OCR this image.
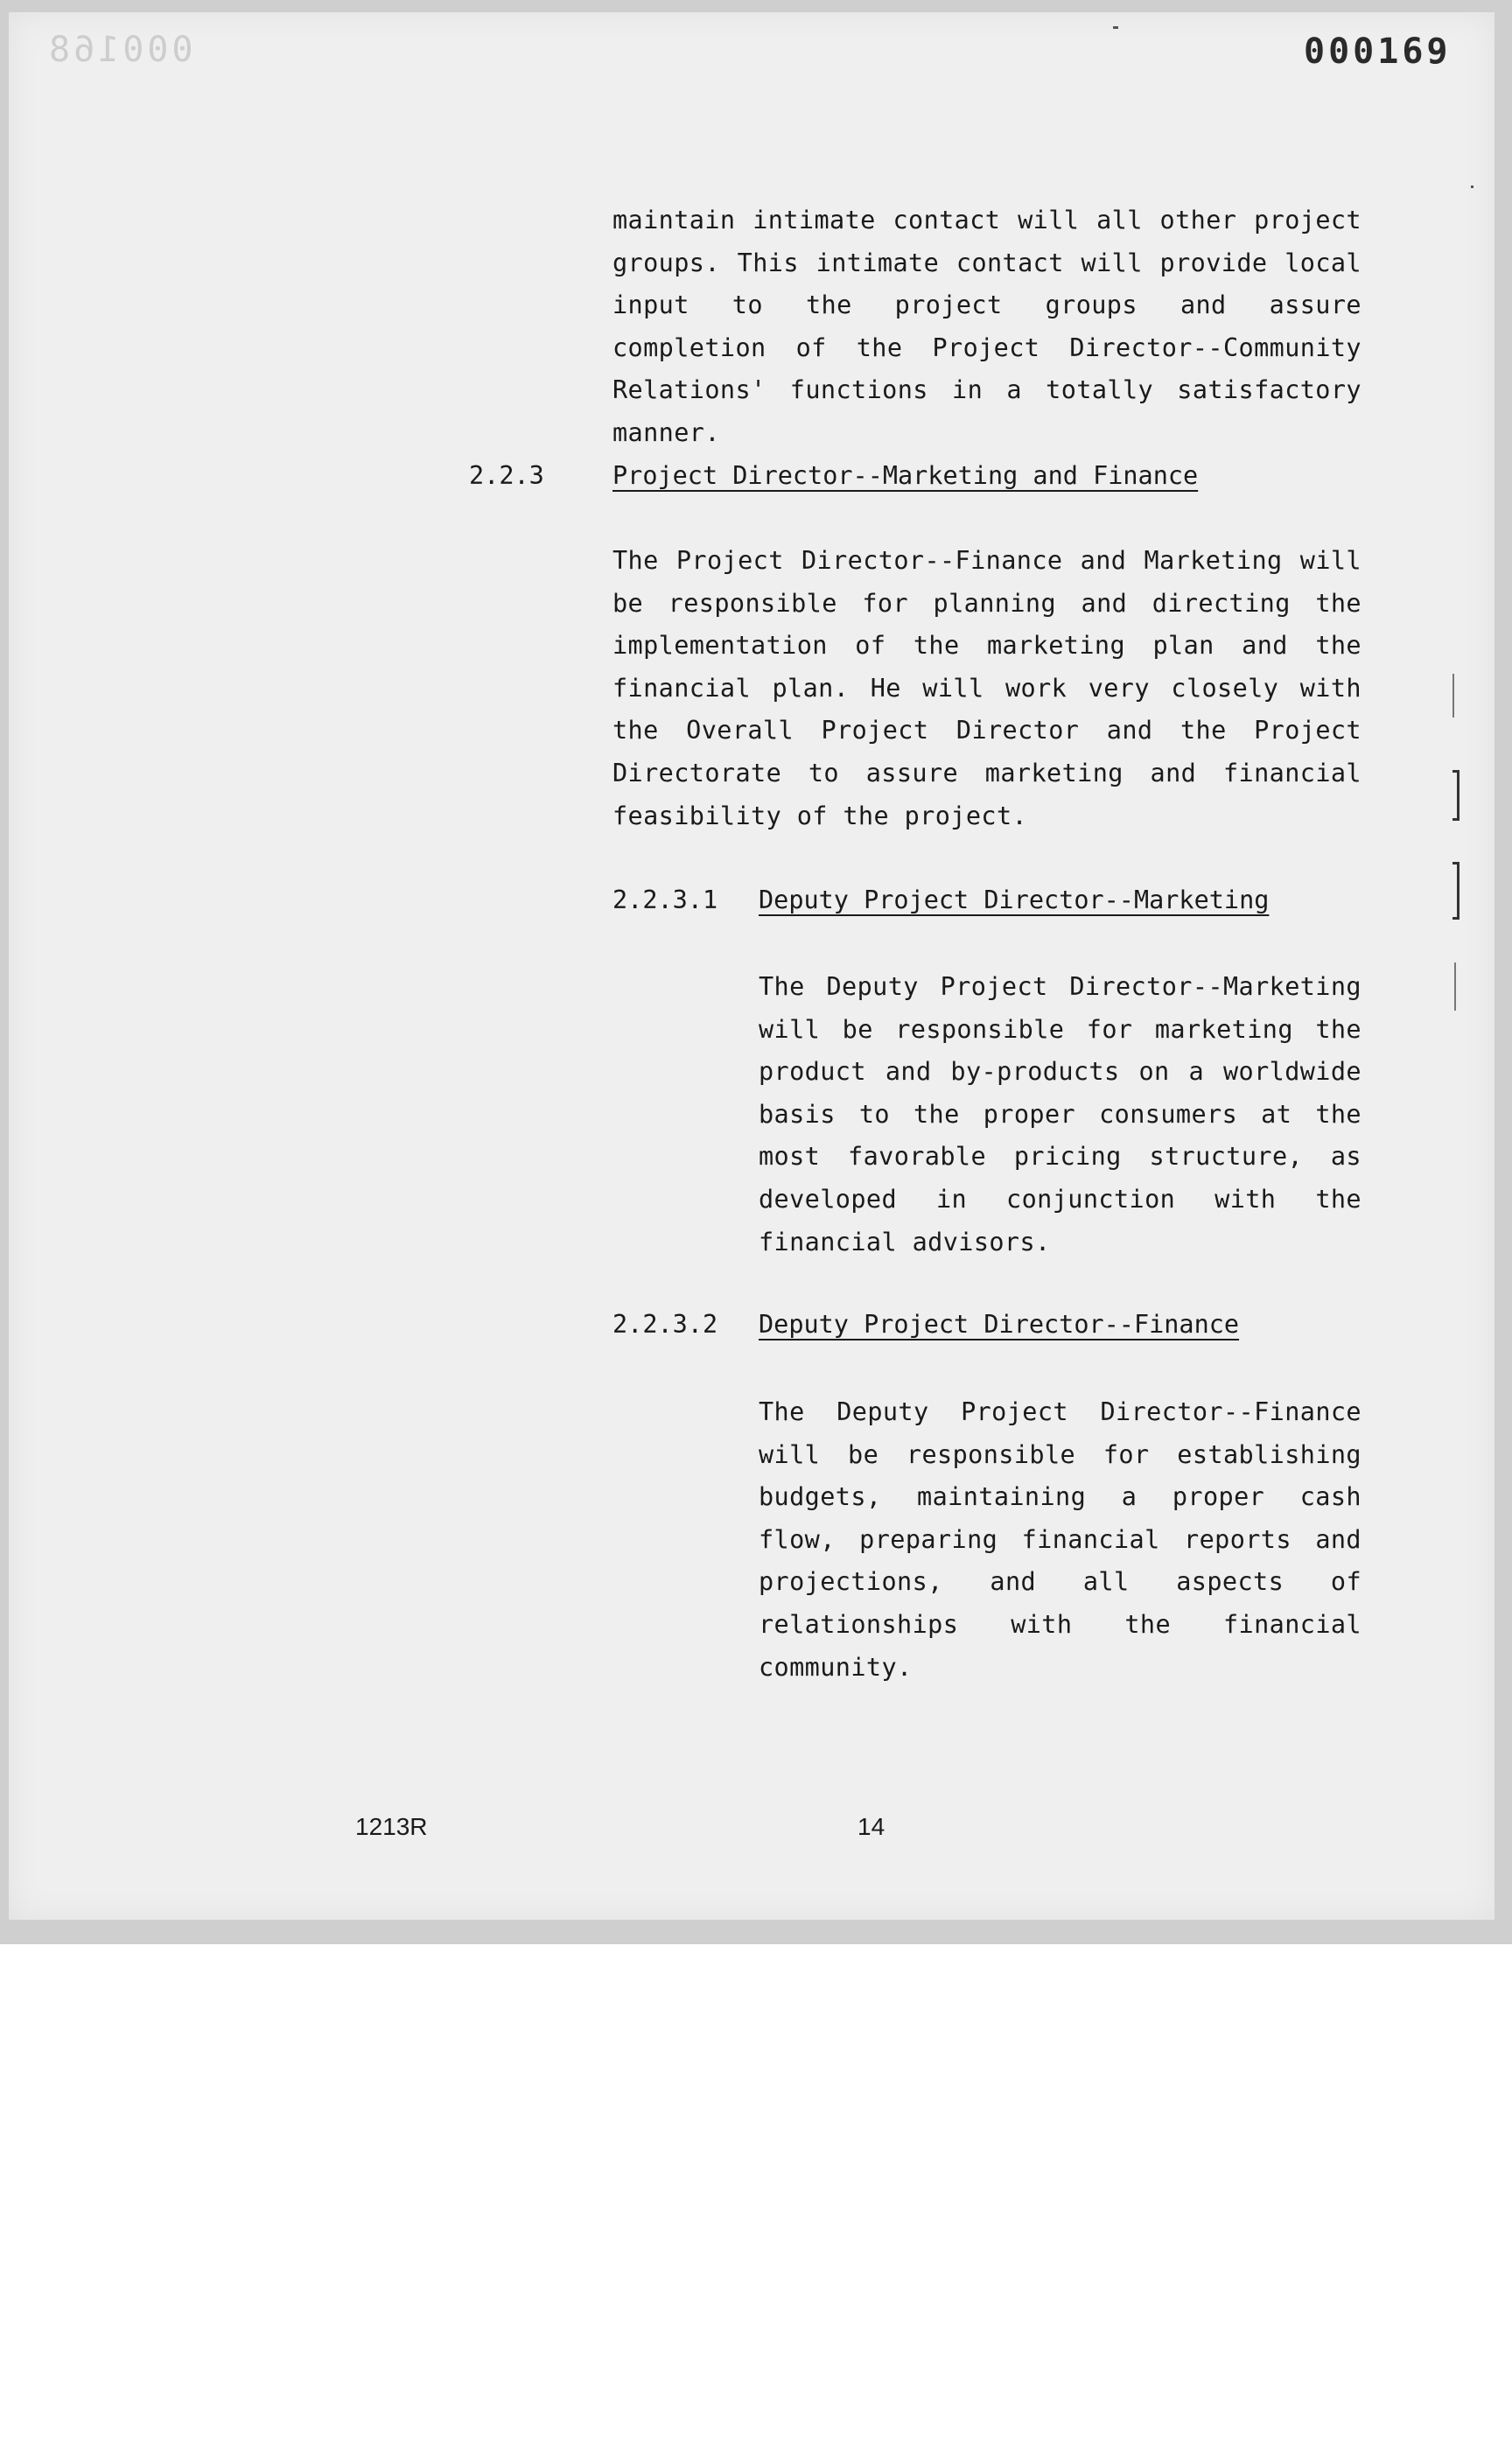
000168	000169

maintain intimate contact will all other project groups. This intimate contact will provide local input to the project groups and assure completion of the Project Director--Community Relations' functions in a totally satisfactory manner.

2.2.3	Project Director--Marketing and Finance

The Project Director--Finance and Marketing will be responsible for planning and directing the implementation of the marketing plan and the financial plan. He will work very closely with the Overall Project Director and the Project Directorate to assure marketing and financial feasibility of the project.

2.2.3.1 Deputy Project Director--Marketing

The Deputy Project Director--Marketing will be responsible for marketing the product and by-products on a worldwide basis to the proper consumers at the most favorable pricing structure, as developed in conjunction with the financial advisors.

2.2.3.2 Deputy Project Director--Finance

The Deputy Project Director--Finance will be responsible for establishing budgets, maintaining a proper cash flow, preparing financial reports and projections, and all aspects of relationships with the financial community.

1213R	14
